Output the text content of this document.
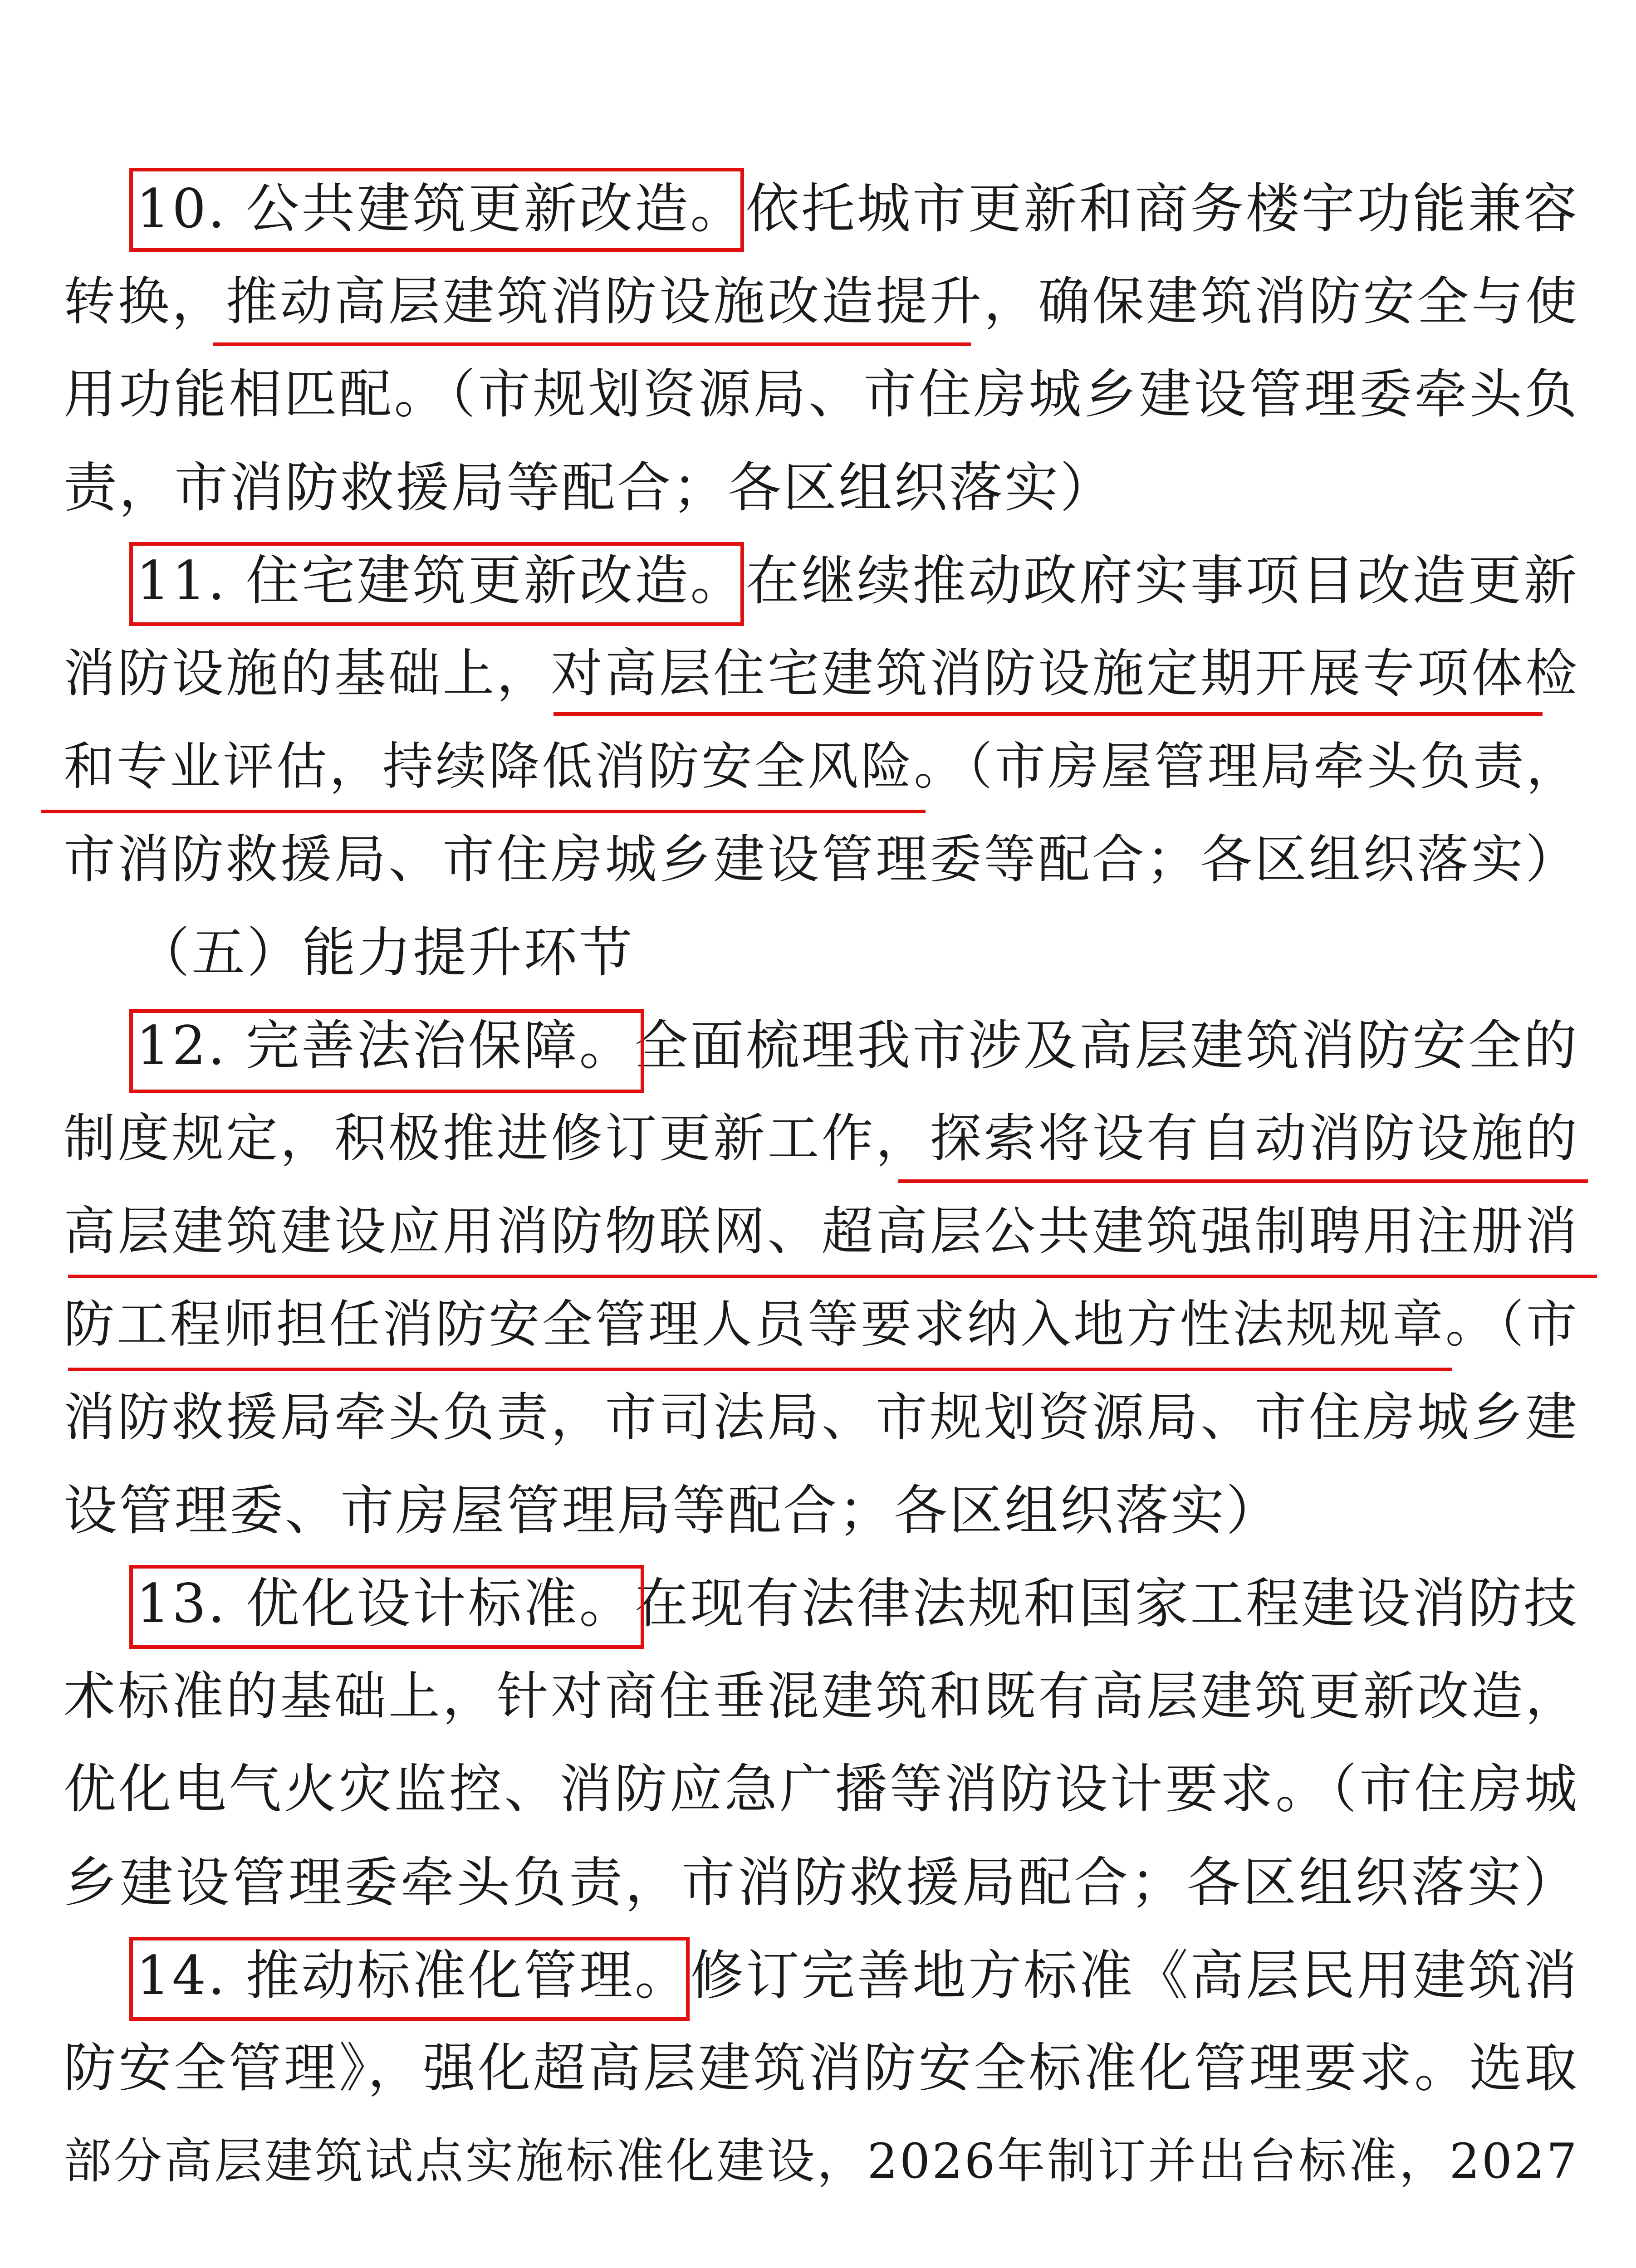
10. 公共建筑更新改造。依托城市更新和商务楼宇功能兼容
转换，推动高层建筑消防设施改造提升，确保建筑消防安全与使
用功能相匹配。（市规划资源局、市住房城乡建设管理委牵头负
责，市消防救援局等配合；各区组织落实）
11. 住宅建筑更新改造。在继续推动政府实事项目改造更新
消防设施的基础上，对高层住宅建筑消防设施定期开展专项体检
和专业评估，持续降低消防安全风险。（市房屋管理局牵头负责，
市消防救援局、市住房城乡建设管理委等配合；各区组织落实）
（五）能力提升环节
12. 完善法治保障。全面梳理我市涉及高层建筑消防安全的
制度规定，积极推进修订更新工作，探索将设有自动消防设施的
高层建筑建设应用消防物联网、超高层公共建筑强制聘用注册消
防工程师担任消防安全管理人员等要求纳入地方性法规规章。（市
消防救援局牵头负责，市司法局、市规划资源局、市住房城乡建
设管理委、市房屋管理局等配合；各区组织落实）
13. 优化设计标准。在现有法律法规和国家工程建设消防技
术标准的基础上，针对商住垂混建筑和既有高层建筑更新改造，
优化电气火灾监控、消防应急广播等消防设计要求。（市住房城
乡建设管理委牵头负责，市消防救援局配合；各区组织落实）
14. 推动标准化管理。修订完善地方标准《高层民用建筑消
防安全管理》，强化超高层建筑消防安全标准化管理要求。选取
部分高层建筑试点实施标准化建设，2026年制订并出台标准，2027
